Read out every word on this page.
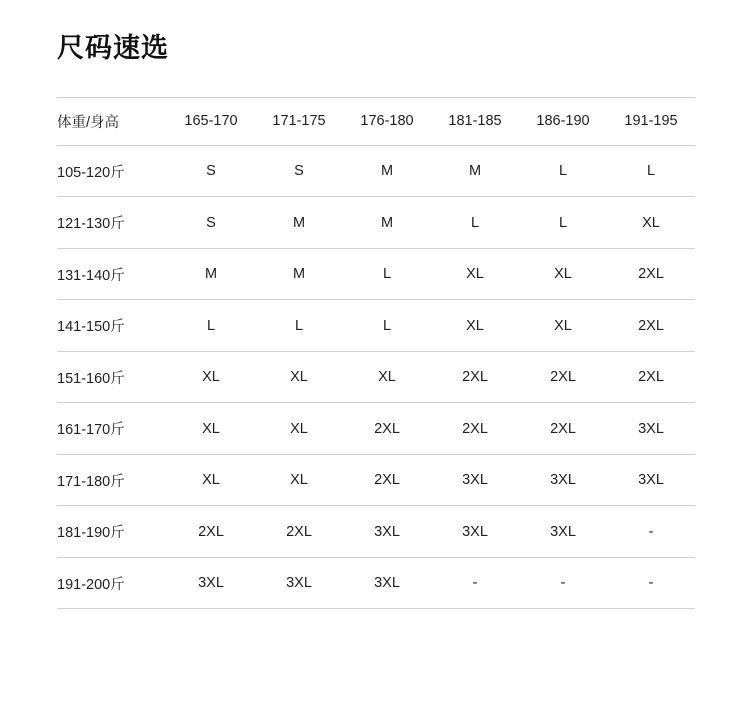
尺码速选
体重/身高	165-170	171-175	176-180	181-185	186-190	191-195
105-120斤	S	S	M	M	L	L
121-130斤	S	M	M	L	L	XL
131-140斤	M	M	L	XL	XL	2XL
141-150斤	L	L	L	XL	XL	2XL
151-160斤	XL	XL	XL	2XL	2XL	2XL
161-170斤	XL	XL	2XL	2XL	2XL	3XL
171-180斤	XL	XL	2XL	3XL	3XL	3XL
181-190斤	2XL	2XL	3XL	3XL	3XL	-
191-200斤	3XL	3XL	3XL	-	-	-
